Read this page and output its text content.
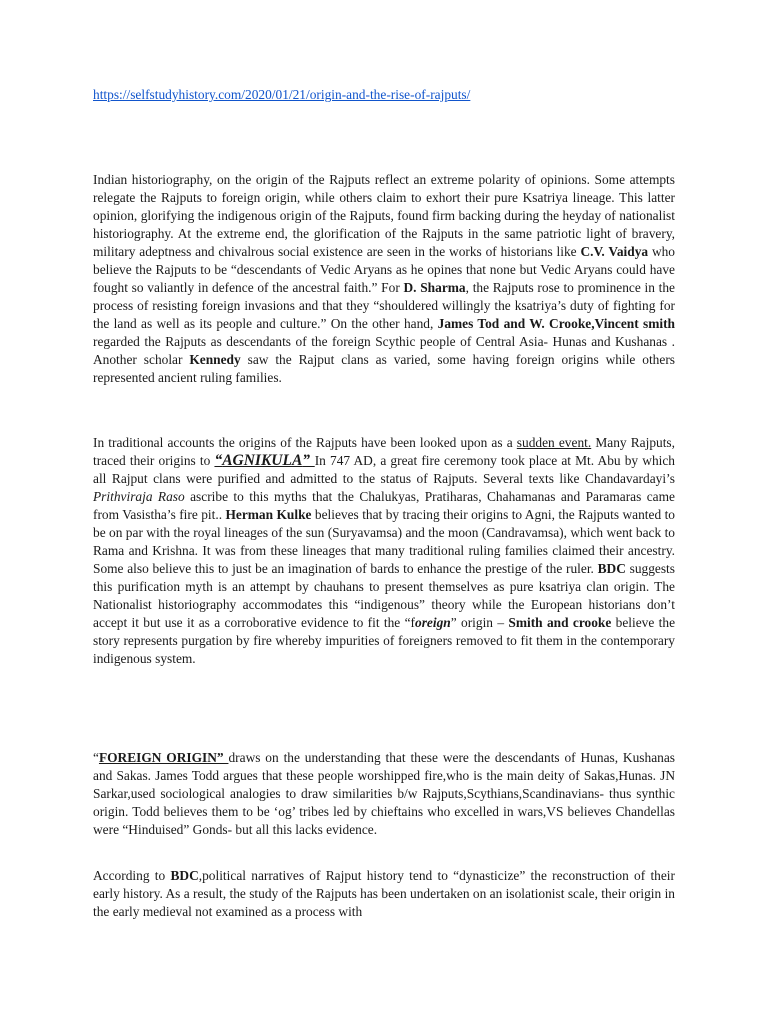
https://selfstudyhistory.com/2020/01/21/origin-and-the-rise-of-rajputs/

Indian historiography, on the origin of the Rajputs reflect an extreme polarity of opinions. Some attempts relegate the Rajputs to foreign origin, while others claim to exhort their pure Ksatriya lineage. This latter opinion, glorifying the indigenous origin of the Rajputs, found firm backing during the heyday of nationalist historiography. At the extreme end, the glorification of the Rajputs in the same patriotic light of bravery, military adeptness and chivalrous social existence are seen in the works of historians like C.V. Vaidya who believe the Rajputs to be “descendants of Vedic Aryans as he opines that none but Vedic Aryans could have fought so valiantly in defence of the ancestral faith.” For D. Sharma, the Rajputs rose to prominence in the process of resisting foreign invasions and that they “shouldered willingly the ksatriya’s duty of fighting for the land as well as its people and culture.” On the other hand, James Tod and W. Crooke,Vincent smith regarded the Rajputs as descendants of the foreign Scythic people of Central Asia- Hunas and Kushanas . Another scholar Kennedy saw the Rajput clans as varied, some having foreign origins while others represented ancient ruling families.

In traditional accounts the origins of the Rajputs have been looked upon as a sudden event. Many Rajputs, traced their origins to “AGNIKULA” In 747 AD, a great fire ceremony took place at Mt. Abu by which all Rajput clans were purified and admitted to the status of Rajputs. Several texts like Chandavardayi’s Prithviraja Raso ascribe to this myths that the Chalukyas, Pratiharas, Chahamanas and Paramaras came from Vasistha’s fire pit.. Herman Kulke believes that by tracing their origins to Agni, the Rajputs wanted to be on par with the royal lineages of the sun (Suryavamsa) and the moon (Candravamsa), which went back to Rama and Krishna. It was from these lineages that many traditional ruling families claimed their ancestry. Some also believe this to just be an imagination of bards to enhance the prestige of the ruler. BDC suggests this purification myth is an attempt by chauhans to present themselves as pure ksatriya clan origin. The Nationalist historiography accommodates this “indigenous” theory while the European historians don’t accept it but use it as a corroborative evidence to fit the “foreign” origin – Smith and crooke believe the story represents purgation by fire whereby impurities of foreigners removed to fit them in the contemporary indigenous system.

“FOREIGN ORIGIN” draws on the understanding that these were the descendants of Hunas, Kushanas and Sakas. James Todd argues that these people worshipped fire,who is the main deity of Sakas,Hunas. JN Sarkar,used sociological analogies to draw similarities b/w Rajputs,Scythians,Scandinavians- thus synthic origin. Todd believes them to be ‘og’ tribes led by chieftains who excelled in wars,VS believes Chandellas were “Hinduised” Gonds- but all this lacks evidence.

According to BDC,political narratives of Rajput history tend to “dynasticize” the reconstruction of their early history. As a result, the study of the Rajputs has been undertaken on an isolationist scale, their origin in the early medieval not examined as a process with
